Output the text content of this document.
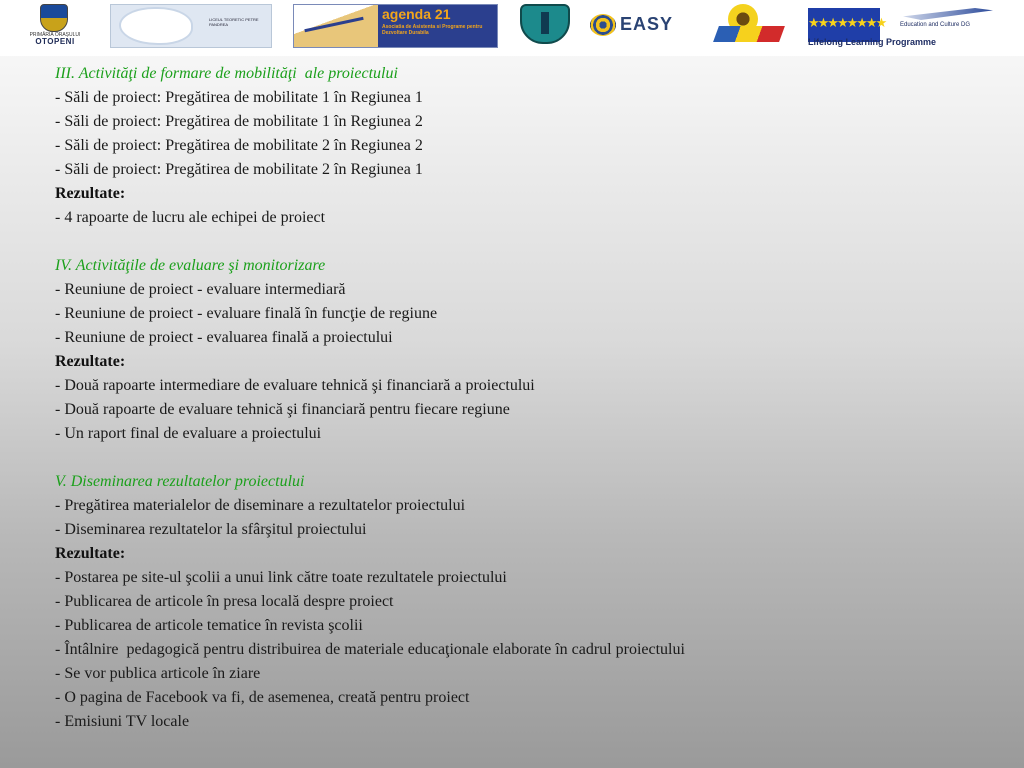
PRIMĂRIA ORAȘULUI
OTOPENI
LICEUL TEORETIC PETRE PANDREA
agenda 21
Asociatia de Asistenta si Programe pentru Dezvoltare Durabila	EASY	★★★★★★★★ Education and Culture DG
Lifelong Learning Programme

III. Activităţi de formare de mobilităţi  ale proiectului

- Săli de proiect: Pregătirea de mobilitate 1 în Regiunea 1

- Săli de proiect: Pregătirea de mobilitate 1 în Regiunea 2

- Săli de proiect: Pregătirea de mobilitate 2 în Regiunea 2

- Săli de proiect: Pregătirea de mobilitate 2 în Regiunea 1

Rezultate:

- 4 rapoarte de lucru ale echipei de proiect

IV. Activităţile de evaluare şi monitorizare

- Reuniune de proiect - evaluare intermediară

- Reuniune de proiect - evaluare finală în funcţie de regiune

- Reuniune de proiect - evaluarea finală a proiectului

Rezultate:

- Două rapoarte intermediare de evaluare tehnică şi financiară a proiectului

- Două rapoarte de evaluare tehnică şi financiară pentru fiecare regiune

- Un raport final de evaluare a proiectului

V. Diseminarea rezultatelor proiectului

- Pregătirea materialelor de diseminare a rezultatelor proiectului

- Diseminarea rezultatelor la sfârşitul proiectului

Rezultate:

- Postarea pe site-ul şcolii a unui link către toate rezultatele proiectului

- Publicarea de articole în presa locală despre proiect

- Publicarea de articole tematice în revista şcolii

- Întâlnire  pedagogică pentru distribuirea de materiale educaţionale elaborate în cadrul proiectului

- Se vor publica articole în ziare

- O pagina de Facebook va fi, de asemenea, creată pentru proiect

- Emisiuni TV locale
